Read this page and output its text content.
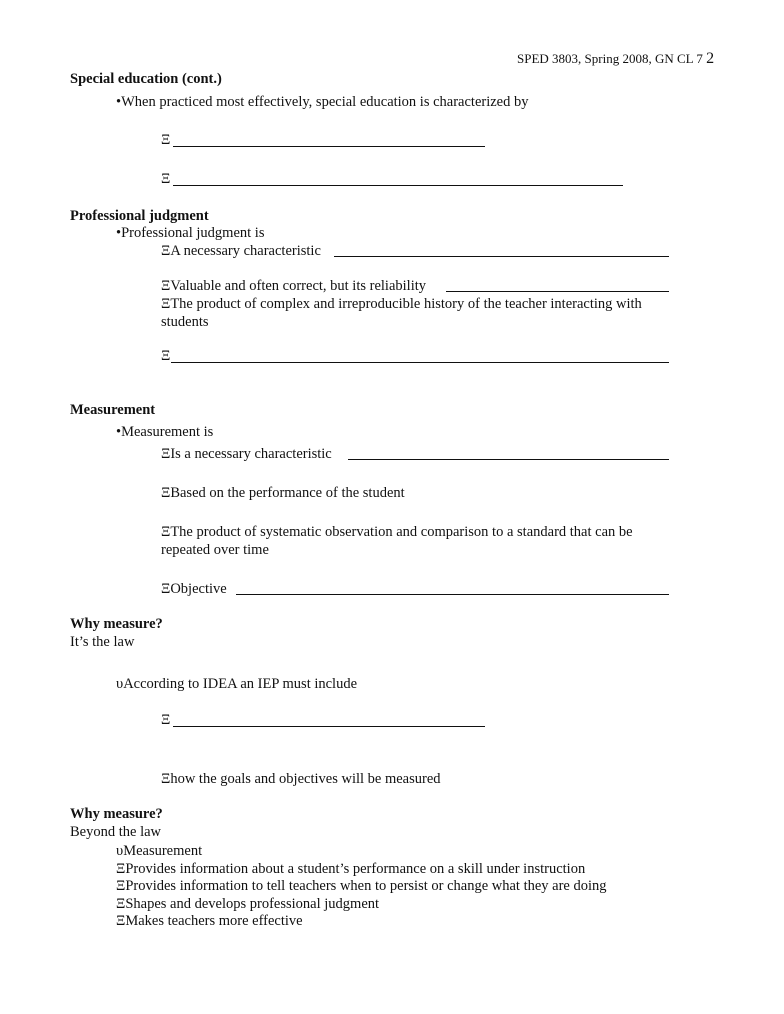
SPED 3803, Spring 2008, GN CL 7 2
Special education (cont.)
•When practiced most effectively, special education is characterized by
Ξ
Ξ
Professional judgment
•Professional judgment is
ΞA necessary characteristic
ΞValuable and often correct, but its reliability
ΞThe product of complex and irreproducible history of the teacher interacting with
students
Ξ
Measurement
•Measurement is
ΞIs a necessary characteristic
ΞBased on the performance of the student
ΞThe product of systematic observation and comparison to a standard that can be
repeated over time
ΞObjective
Why measure?
It’s the law
υAccording to IDEA an IEP must include
Ξ
Ξhow the goals and objectives will be measured
Why measure?
Beyond the law
υMeasurement
ΞProvides information about a student’s performance on a skill under instruction
ΞProvides information to tell teachers when to persist or change what they are doing
ΞShapes and develops professional judgment
ΞMakes teachers more effective
